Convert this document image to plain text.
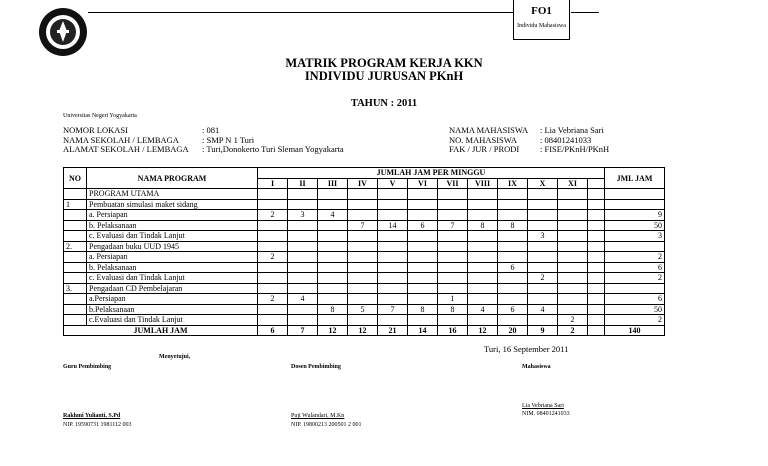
FO1
Individu Mahasiswa
MATRIK PROGRAM KERJA KKN
INDIVIDU JURUSAN PKnH
TAHUN : 2011
Universitas Negeri Yogyakarta
NOMOR LOKASI	: 081
NAMA SEKOLAH / LEMBAGA	: SMP N 1 Turi
ALAMAT SEKOLAH / LEMBAGA	: Turi,Donokerto Turi Sleman Yogyakarta
NAMA MAHASISWA : Lia Vebriana Sari
NO. MAHASISWA	: 08401241033
FAK / JUR / PRODI : FISE/PKnH/PKnH
NO	NAMA PROGRAM	JUMLAH JAM PER MINGGU												JML JAM
		I	II	III	IV	V	VI	VII	VIII	IX	X	XI		
	PROGRAM UTAMA													
1	Pembuatan simulasi maket sidang													
	a. Persiapan	2	3	4										9
	b. Pelaksanaan				7	14	6	7	8	8				50
	c. Evaluasi dan Tindak Lanjut										3			3
2.	Pengadaan buku UUD 1945													
	a. Persiapan	2												2
	b. Pelaksanaan									6				6
	c. Evaluasi dan Tindak Lanjut										2			2
3.	Pengadaan CD Pembelajaran													
	a.Persiapan	2	4					1						6
	b.Pelaksanaan			8	5	7	8	8	4	6	4			50
	c.Evaluasi dan Tindak Lanjut											2		2
JUMLAH JAM		6	7	12	12	21	14	16	12	20	9	2		140
Turi, 16 September 2011
Menyetujui,
Guru Pembimbing	Dosen Pembimbing	Mahasiswa
Lia Vebriana Sari
NIM. 08401241033
Rakhmi Yulianti, S.Pd
NIP. 19590731 1981112 003
Puji Wulandari, M.Kn
NIP. 19800213 200501 2 001
